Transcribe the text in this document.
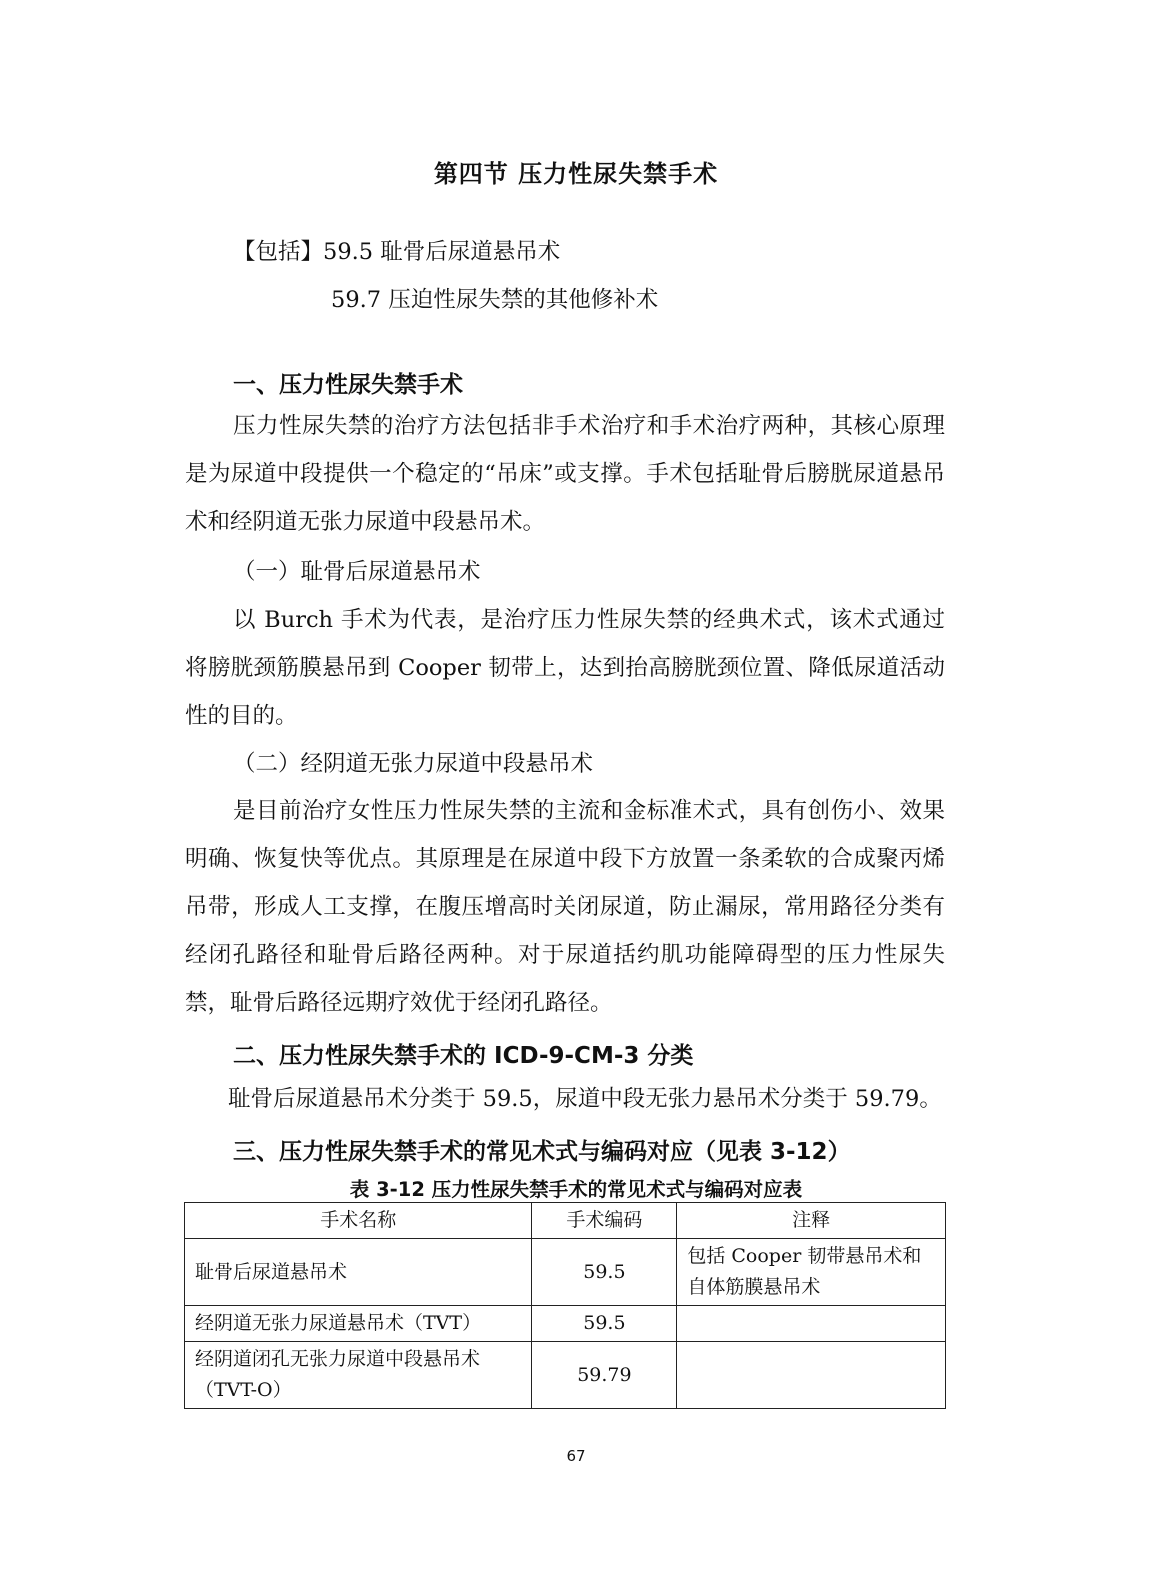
第四节 压力性尿失禁手术
【包括】59.5 耻骨后尿道悬吊术
59.7 压迫性尿失禁的其他修补术
一、压力性尿失禁手术
压力性尿失禁的治疗方法包括非手术治疗和手术治疗两种，其核心原理是为尿道中段提供一个稳定的“吊床”或支撑。手术包括耻骨后膀胱尿道悬吊术和经阴道无张力尿道中段悬吊术。
（一）耻骨后尿道悬吊术
以 Burch 手术为代表，是治疗压力性尿失禁的经典术式，该术式通过将膀胱颈筋膜悬吊到 Cooper 韧带上，达到抬高膀胱颈位置、降低尿道活动性的目的。
（二）经阴道无张力尿道中段悬吊术
是目前治疗女性压力性尿失禁的主流和金标准术式，具有创伤小、效果明确、恢复快等优点。其原理是在尿道中段下方放置一条柔软的合成聚丙烯吊带，形成人工支撑，在腹压增高时关闭尿道，防止漏尿，常用路径分类有经闭孔路径和耻骨后路径两种。对于尿道括约肌功能障碍型的压力性尿失禁，耻骨后路径远期疗效优于经闭孔路径。
二、压力性尿失禁手术的 ICD-9-CM-3 分类
耻骨后尿道悬吊术分类于 59.5，尿道中段无张力悬吊术分类于 59.79。
三、压力性尿失禁手术的常见术式与编码对应（见表 3-12）
表 3-12 压力性尿失禁手术的常见术式与编码对应表
手术名称	手术编码	注释
耻骨后尿道悬吊术	59.5	包括 Cooper 韧带悬吊术和自体筋膜悬吊术
经阴道无张力尿道悬吊术（TVT）	59.5	
经阴道闭孔无张力尿道中段悬吊术（TVT-O）	59.79	
67
